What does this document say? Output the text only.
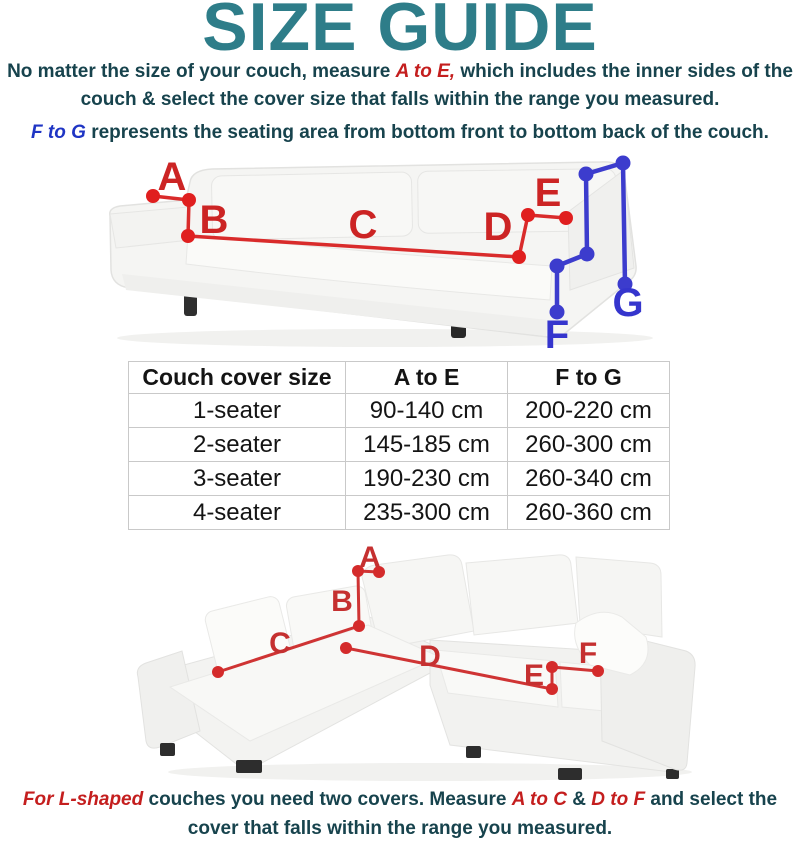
SIZE GUIDE
No matter the size of your couch, measure A to E, which includes the inner sides of the couch & select the cover size that falls within the range you measured.
F to G represents the seating area from bottom front to bottom back of the couch.
A
B	C	D
E
F
G
Couch cover size	A to E	F to G
1-seater	90-140 cm	200-220 cm
2-seater	145-185 cm	260-300 cm
3-seater	190-230 cm	260-340 cm
4-seater	235-300 cm	260-360 cm
A
B
C	D
E
F
For L-shaped couches you need two covers. Measure A to C & D to F and select the cover that falls within the range you measured.
